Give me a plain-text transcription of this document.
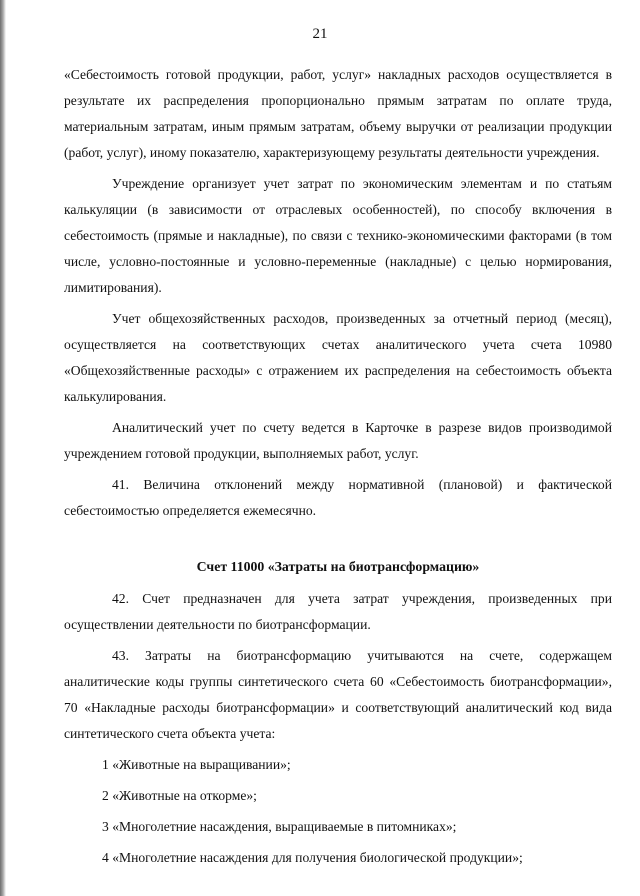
21

«Себестоимость готовой продукции, работ, услуг» накладных расходов осуществляется в результате их распределения пропорционально прямым затратам по оплате труда, материальным затратам, иным прямым затратам, объему выручки от реализации продукции (работ, услуг), иному показателю, характеризующему результаты деятельности учреждения.

Учреждение организует учет затрат по экономическим элементам и по статьям калькуляции (в зависимости от отраслевых особенностей), по способу включения в себестоимость (прямые и накладные), по связи с технико-экономическими факторами (в том числе, условно-постоянные и условно-переменные (накладные) с целью нормирования, лимитирования).

Учет общехозяйственных расходов, произведенных за отчетный период (месяц), осуществляется на соответствующих счетах аналитического учета счета 10980 «Общехозяйственные расходы» с отражением их распределения на себестоимость объекта калькулирования.

Аналитический учет по счету ведется в Карточке в разрезе видов производимой учреждением готовой продукции, выполняемых работ, услуг.

41. Величина отклонений между нормативной (плановой) и фактической себестоимостью определяется ежемесячно.

Счет 11000 «Затраты на биотрансформацию»

42. Счет предназначен для учета затрат учреждения, произведенных при осуществлении деятельности по биотрансформации.

43. Затраты на биотрансформацию учитываются на счете, содержащем аналитические коды группы синтетического счета 60 «Себестоимость биотрансформации», 70 «Накладные расходы биотрансформации» и соответствующий аналитический код вида синтетического счета объекта учета:

1 «Животные на выращивании»;

2 «Животные на откорме»;

3 «Многолетние насаждения, выращиваемые в питомниках»;

4 «Многолетние насаждения для получения биологической продукции»;
